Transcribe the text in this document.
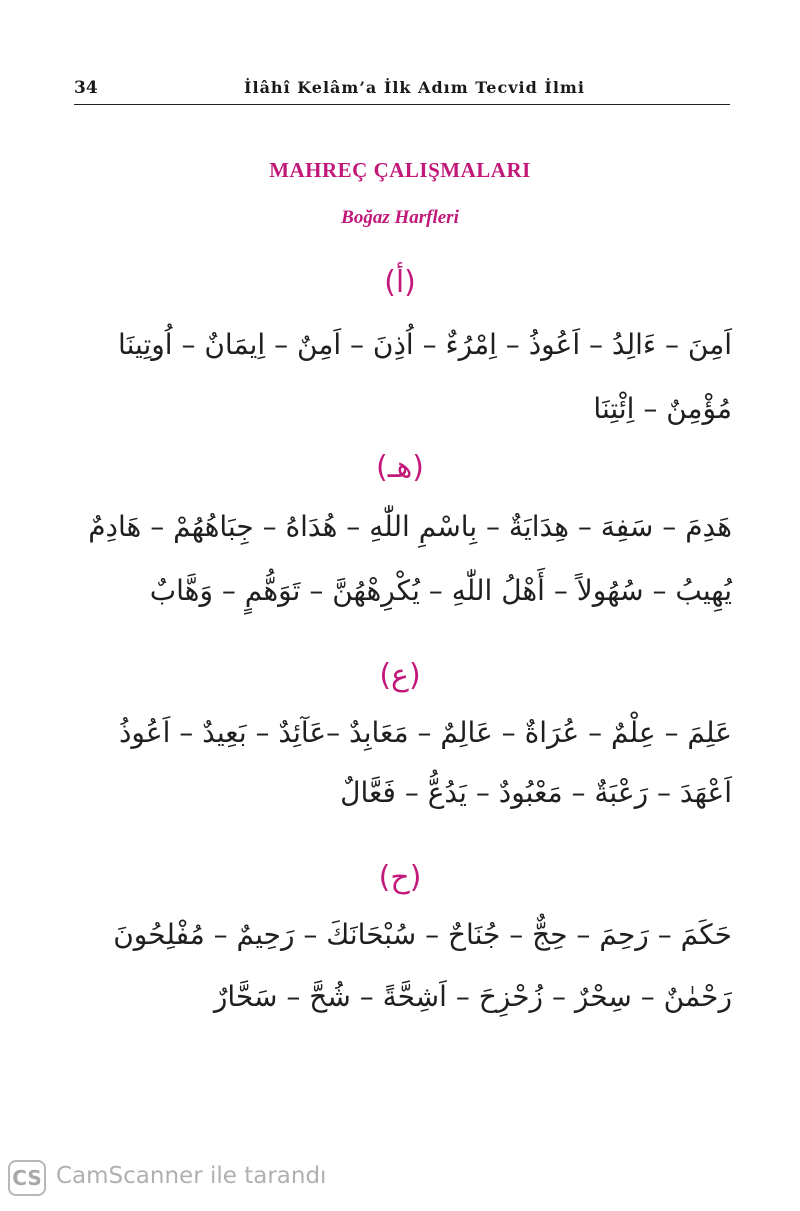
34	İlâhî Kelâm’a İlk Adım Tecvid İlmi
MAHREÇ ÇALIŞMALARI
Boğaz Harfleri
(أ)
اَمِنَ – ءَالِدُ – اَعُوذُ – اِمْرُءٌ – اُذِنَ – اَمِنٌ – اِيمَانٌ – اُوتِينَا
مُؤْمِنٌ – اِئْتِنَا
(هـ)
هَدِمَ – سَفِهَ – هِدَايَةٌ – بِاسْمِ اللّٰهِ – هُدَاهُ – جِبَاهُهُمْ – هَادِمٌ
يُهِيبُ – سُهُولاً – أَهْلُ اللّٰهِ – يُكْرِهْهُنَّ – تَوَهُّمٍ – وَهَّابٌ
(ع)
عَلِمَ – عِلْمٌ – عُرَاةٌ – عَالِمٌ – مَعَابِدٌ –عَآئِدٌ – بَعِيدٌ – اَعُوذُ
اَعْهَدَ – رَعْبَةٌ – مَعْبُودٌ – يَدُعُّ – فَعَّالٌ
(ح)
حَكَمَ – رَحِمَ – حِجٌّ – جُنَاحٌ – سُبْحَانَكَ – رَحِيمٌ – مُفْلِحُونَ
رَحْمٰنٌ – سِحْرٌ – زُحْزِحَ – اَشِحَّةً – شُحَّ – سَحَّارٌ
CS CamScanner ile tarandı
